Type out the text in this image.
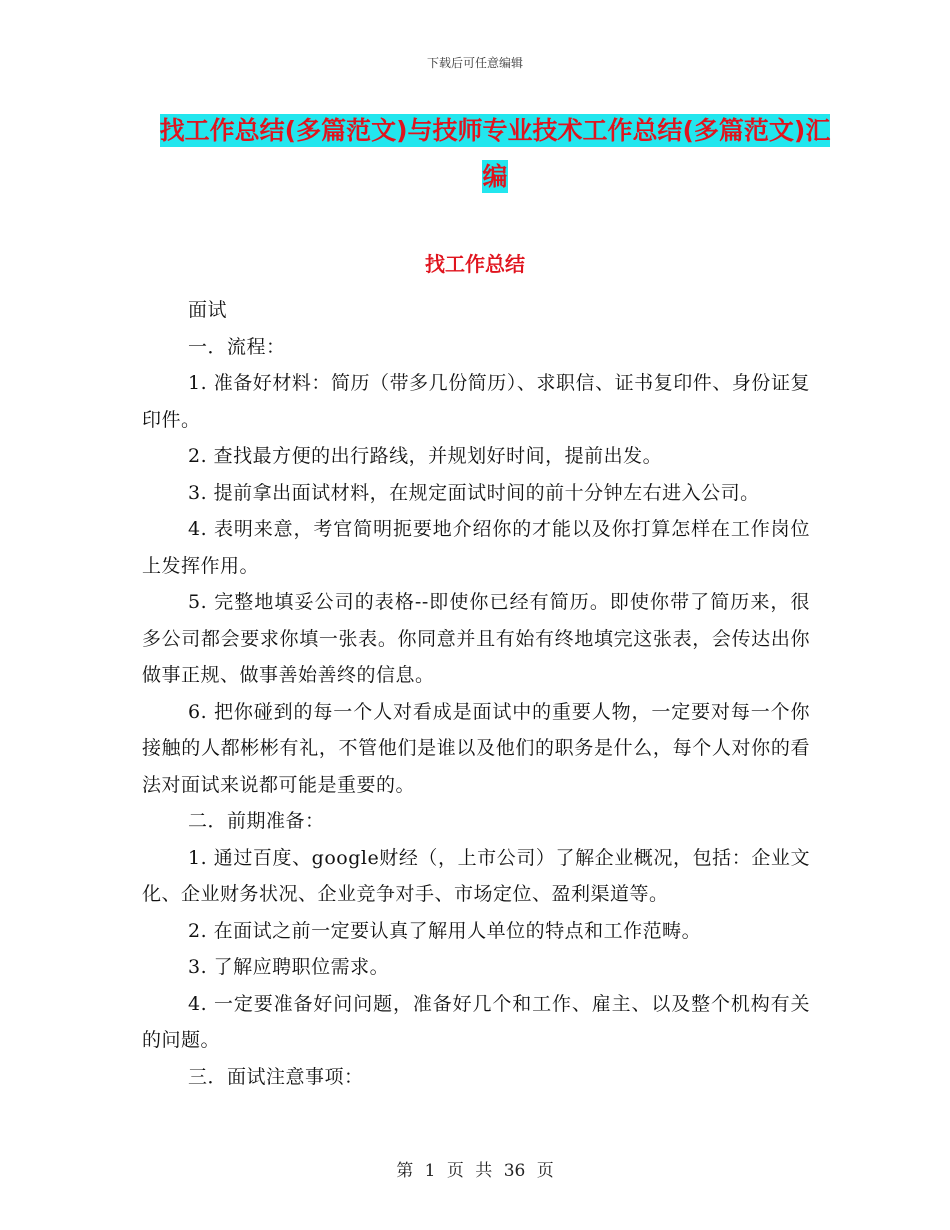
下载后可任意编辑
找工作总结(多篇范文)与技师专业技术工作总结(多篇范文)汇编
找工作总结

面试

一．流程：

1. 准备好材料：简历（带多几份简历）、求职信、证书复印件、身份证复印件。

2. 查找最方便的出行路线，并规划好时间，提前出发。

3. 提前拿出面试材料，在规定面试时间的前十分钟左右进入公司。

4. 表明来意，考官简明扼要地介绍你的才能以及你打算怎样在工作岗位上发挥作用。

5. 完整地填妥公司的表格--即使你已经有简历。即使你带了简历来，很多公司都会要求你填一张表。你同意并且有始有终地填完这张表，会传达出你做事正规、做事善始善终的信息。

6. 把你碰到的每一个人对看成是面试中的重要人物，一定要对每一个你接触的人都彬彬有礼，不管他们是谁以及他们的职务是什么，每个人对你的看法对面试来说都可能是重要的。

二．前期准备：

1. 通过百度、google财经（，上市公司）了解企业概况，包括：企业文化、企业财务状况、企业竞争对手、市场定位、盈利渠道等。

2. 在面试之前一定要认真了解用人单位的特点和工作范畴。

3. 了解应聘职位需求。

4. 一定要准备好问问题，准备好几个和工作、雇主、以及整个机构有关的问题。

三．面试注意事项：

第 1 页 共 36 页
